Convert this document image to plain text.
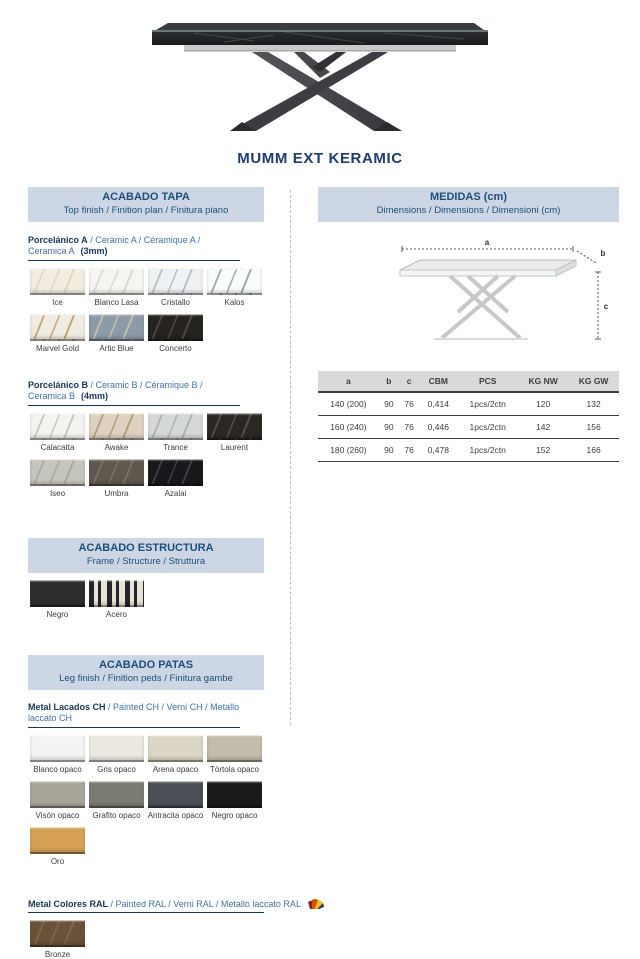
MUMM EXT KERAMIC
ACABADO TAPA
Top finish / Finition plan / Finitura piano
Porcelánico A / Ceramic A / Céramique A / Ceramica A (3mm)
Ice	Blanco Lasa	Cristallo	Kalos
Marvel Gold	Artic Blue	Concerto
Porcelánico B / Ceramic B / Céramique B / Ceramica B (4mm)
Calacatta	Awake	Trance	Laurent
Iseo	Umbra	Azalai
ACABADO ESTRUCTURA
Frame / Structure / Struttura
Negro	Acero
ACABADO PATAS
Leg finish / Finition peds / Finitura gambe
Metal Lacados CH / Painted CH / Verni CH / Metallo laccato CH
Blanco opaco	Gris opaco	Arena opaco	Tórtola opaco
Visón opaco	Grafito opaco Antracita opaco	Negro opaco
Oro
Metal Colores RAL / Painted RAL / Verni RAL / Metallo laccato RAL
Bronze
MEDIDAS (cm)
Dimensions / Dimensions / Dimensioni (cm)
a
b
c
a	b	c	CBM	PCS	KG NW	KG GW
140 (200)	90	76	0,414	1pcs/2ctn	120	132
160 (240)	90	76	0,446	1pcs/2ctn	142	156
180 (260)	90	76	0,478	1pcs/2ctn	152	166
